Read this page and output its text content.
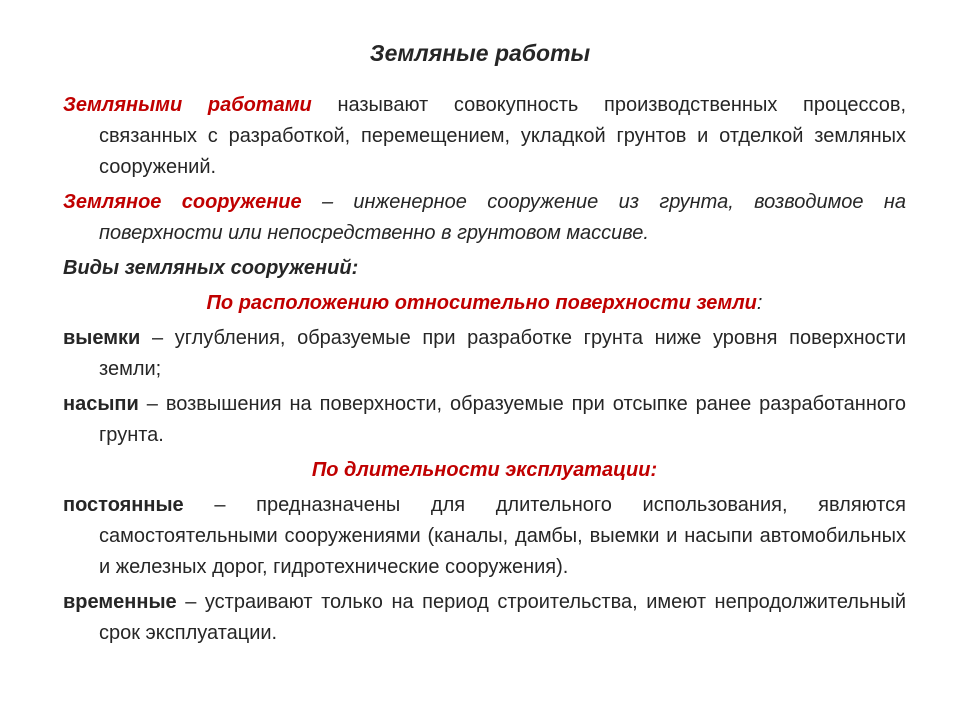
Земляные работы

Земляными работами называют совокупность производственных процессов, связанных с разработкой, перемещением, укладкой грунтов и отделкой земляных сооружений.

Земляное сооружение – инженерное сооружение из грунта, возводимое на поверхности или непосредственно в грунтовом массиве.

Виды земляных сооружений:

По расположению относительно поверхности земли:

выемки – углубления, образуемые при разработке грунта ниже уровня поверхности земли;

насыпи – возвышения на поверхности, образуемые при отсыпке ранее разработанного грунта.

По длительности эксплуатации:

постоянные – предназначены для длительного использования, являются самостоятельными сооружениями (каналы, дамбы, выемки и насыпи автомобильных и железных дорог, гидротехнические сооружения).

временные – устраивают только на период строительства, имеют непродолжительный срок эксплуатации.
